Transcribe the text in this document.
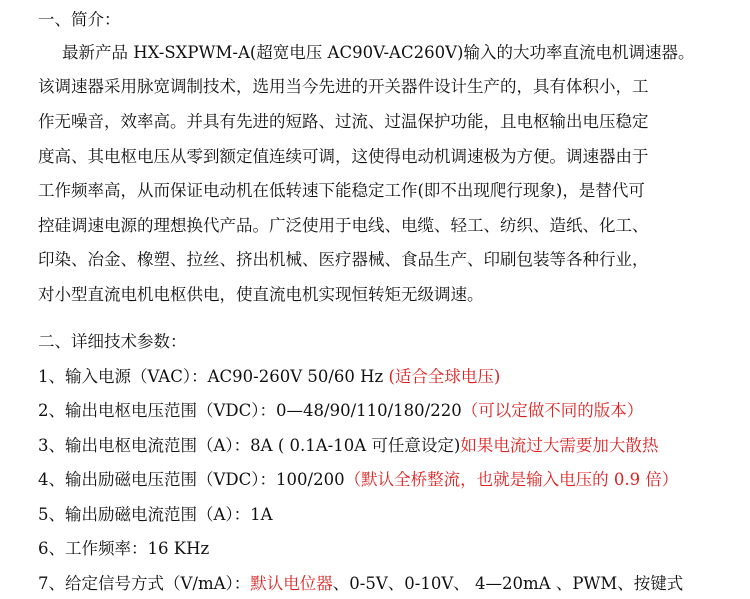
一、简介：
最新产品 HX-SXPWM-A(超宽电压 AC90V-AC260V)输入的大功率直流电机调速器。
该调速器采用脉宽调制技术，选用当今先进的开关器件设计生产的，具有体积小，工
作无噪音，效率高。并具有先进的短路、过流、过温保护功能，且电枢输出电压稳定
度高、其电枢电压从零到额定值连续可调，这使得电动机调速极为方便。调速器由于
工作频率高，从而保证电动机在低转速下能稳定工作(即不出现爬行现象)，是替代可
控硅调速电源的理想换代产品。广泛使用于电线、电缆、轻工、纺织、造纸、化工、
印染、冶金、橡塑、拉丝、挤出机械、医疗器械、食品生产、印刷包装等各种行业，
对小型直流电机电枢供电，使直流电机实现恒转矩无级调速。
二、详细技术参数：
1、输入电源（VAC）：AC90-260V 50/60 Hz (适合全球电压)
2、输出电枢电压范围（VDC）：0—48/90/110/180/220（可以定做不同的版本）
3、输出电枢电流范围（A）：8A ( 0.1A-10A 可任意设定)如果电流过大需要加大散热
4、输出励磁电压范围（VDC）：100/200（默认全桥整流，也就是输入电压的 0.9 倍）
5、输出励磁电流范围（A）：1A
6、工作频率：16 KHz
7、给定信号方式（V/mA）：默认电位器、0-5V、0-10V、 4—20mA 、PWM、按键式
